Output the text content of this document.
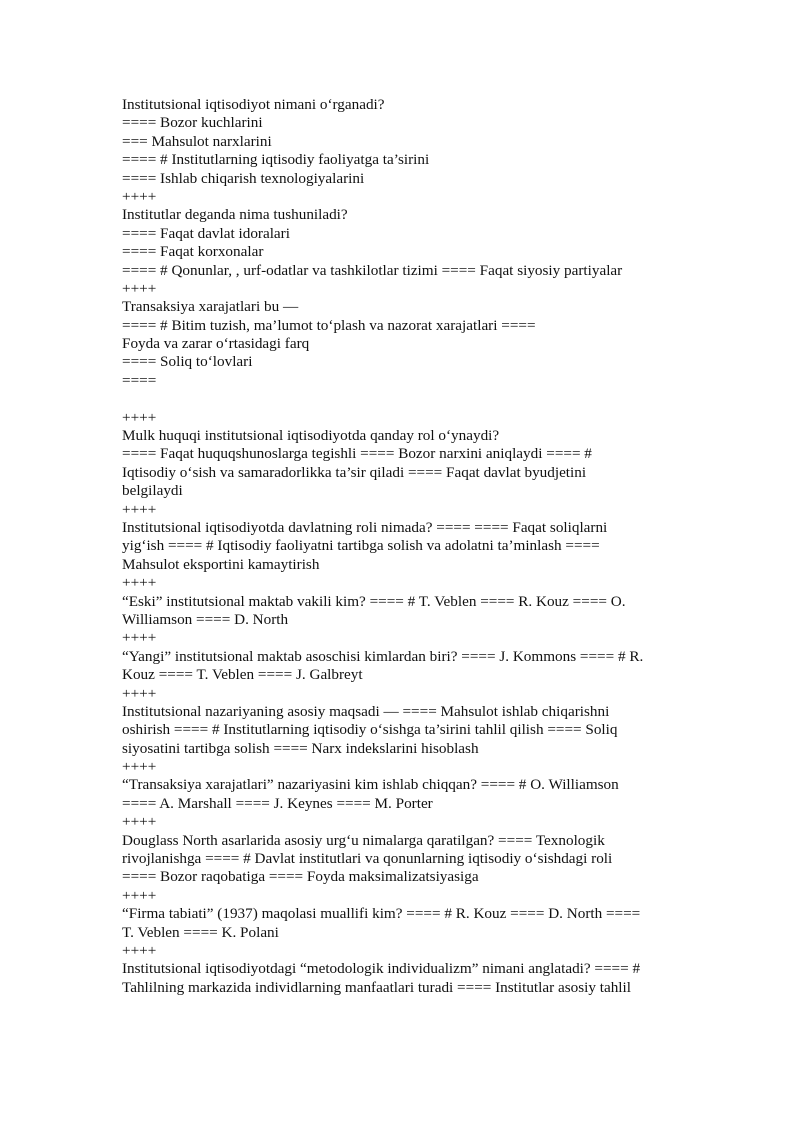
Institutsional iqtisodiyot nimani o‘rganadi?
==== Bozor kuchlarini
=== Mahsulot narxlarini
==== # Institutlarning iqtisodiy faoliyatga ta’sirini
==== Ishlab chiqarish texnologiyalarini
++++
Institutlar deganda nima tushuniladi?
==== Faqat davlat idoralari
==== Faqat korxonalar
==== # Qonunlar, , urf-odatlar va tashkilotlar tizimi ==== Faqat siyosiy partiyalar
++++
Transaksiya xarajatlari bu —
==== # Bitim tuzish, ma’lumot to‘plash va nazorat xarajatlari ====
Foyda va zarar o‘rtasidagi farq
==== Soliq to‘lovlari
====
++++
Mulk huquqi institutsional iqtisodiyotda qanday rol o‘ynaydi?
==== Faqat huquqshunoslarga tegishli ==== Bozor narxini aniqlaydi ==== #
Iqtisodiy o‘sish va samaradorlikka ta’sir qiladi ==== Faqat davlat byudjetini
belgilaydi
++++
Institutsional iqtisodiyotda davlatning roli nimada? ==== ==== Faqat soliqlarni
yig‘ish ==== # Iqtisodiy faoliyatni tartibga solish va adolatni ta’minlash ====
Mahsulot eksportini kamaytirish
++++
“Eski” institutsional maktab vakili kim? ==== # T. Veblen ==== R. Kouz ==== O.
Williamson ==== D. North
++++
“Yangi” institutsional maktab asoschisi kimlardan biri? ==== J. Kommons ==== # R.
Kouz ==== T. Veblen ==== J. Galbreyt
++++
Institutsional nazariyaning asosiy maqsadi — ==== Mahsulot ishlab chiqarishni
oshirish ==== # Institutlarning iqtisodiy o‘sishga ta’sirini tahlil qilish ==== Soliq
siyosatini tartibga solish ==== Narx indekslarini hisoblash
++++
“Transaksiya xarajatlari” nazariyasini kim ishlab chiqqan? ==== # O. Williamson
==== A. Marshall ==== J. Keynes ==== M. Porter
++++
Douglass North asarlarida asosiy urg‘u nimalarga qaratilgan? ==== Texnologik
rivojlanishga ==== # Davlat institutlari va qonunlarning iqtisodiy o‘sishdagi roli
==== Bozor raqobatiga ==== Foyda maksimalizatsiyasiga
++++
“Firma tabiati” (1937) maqolasi muallifi kim? ==== # R. Kouz ==== D. North ====
T. Veblen ==== K. Polani
++++
Institutsional iqtisodiyotdagi “metodologik individualizm” nimani anglatadi? ==== #
Tahlilning markazida individlarning manfaatlari turadi ==== Institutlar asosiy tahlil
